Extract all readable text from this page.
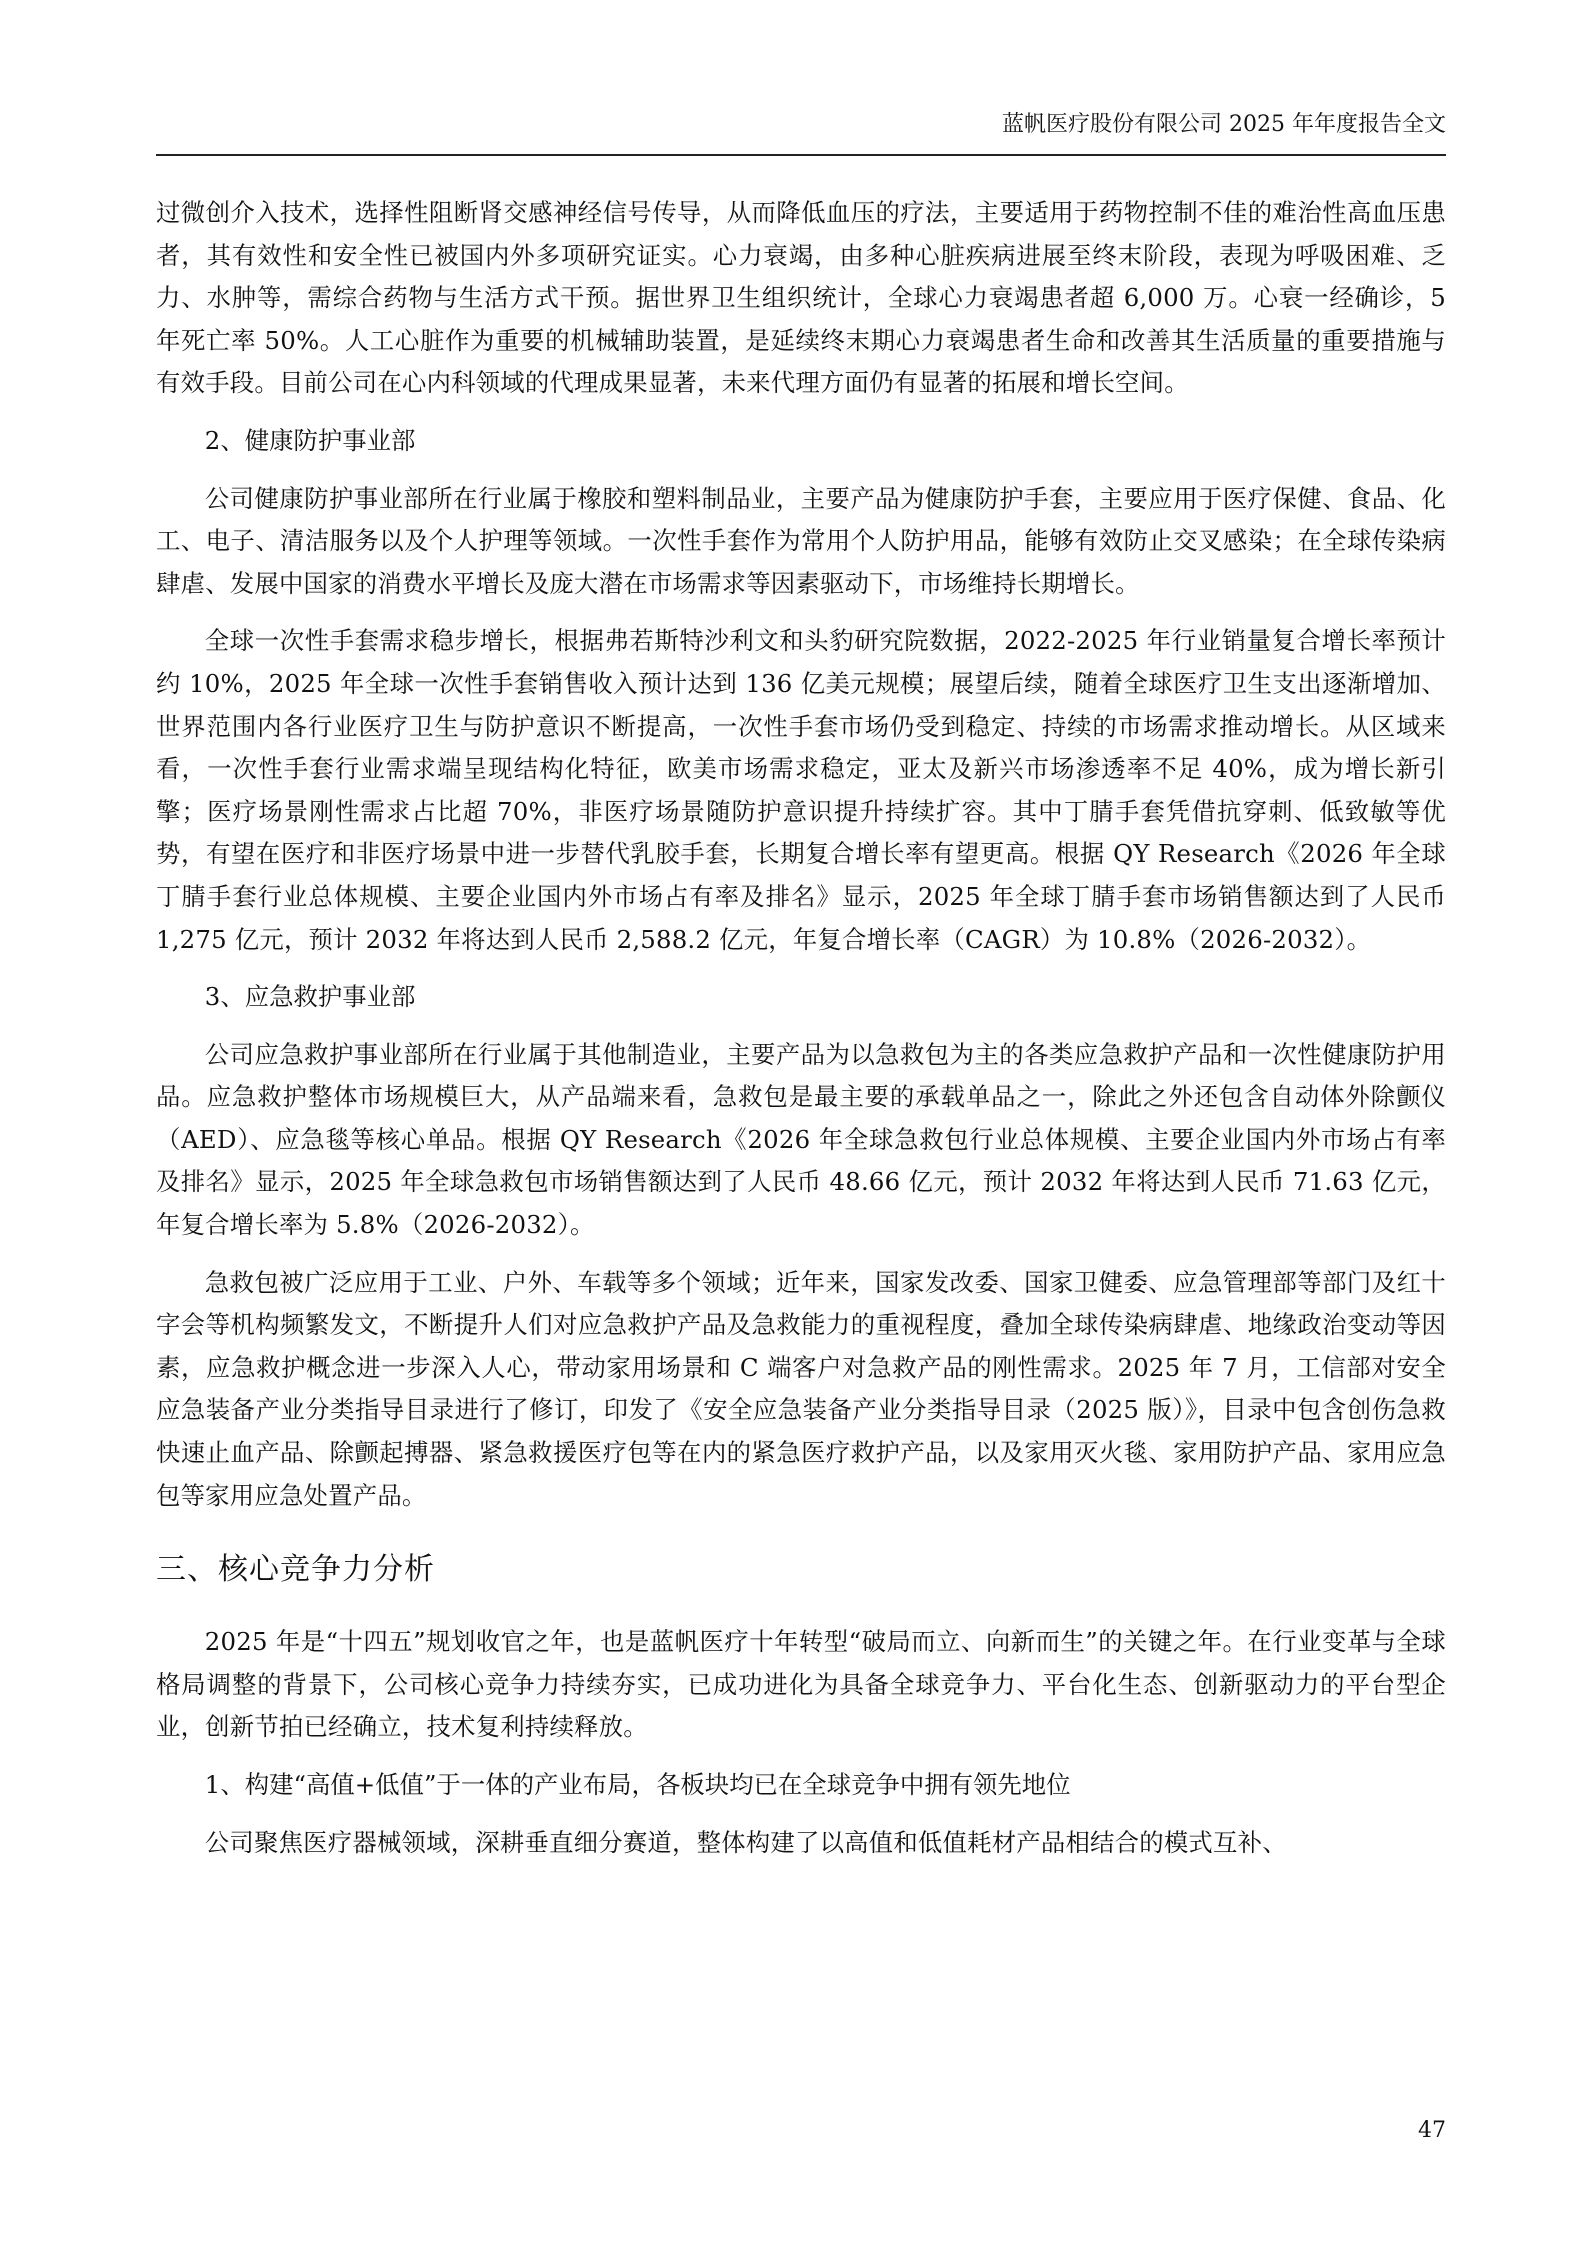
蓝帆医疗股份有限公司 2025 年年度报告全文

过微创介入技术，选择性阻断肾交感神经信号传导，从而降低血压的疗法，主要适用于药物控制不佳的难治性高血压患者，其有效性和安全性已被国内外多项研究证实。心力衰竭，由多种心脏疾病进展至终末阶段，表现为呼吸困难、乏力、水肿等，需综合药物与生活方式干预。据世界卫生组织统计，全球心力衰竭患者超 6,000 万。心衰一经确诊，5 年死亡率 50%。人工心脏作为重要的机械辅助装置，是延续终末期心力衰竭患者生命和改善其生活质量的重要措施与有效手段。目前公司在心内科领域的代理成果显著，未来代理方面仍有显著的拓展和增长空间。

2、健康防护事业部

公司健康防护事业部所在行业属于橡胶和塑料制品业，主要产品为健康防护手套，主要应用于医疗保健、食品、化工、电子、清洁服务以及个人护理等领域。一次性手套作为常用个人防护用品，能够有效防止交叉感染；在全球传染病肆虐、发展中国家的消费水平增长及庞大潜在市场需求等因素驱动下，市场维持长期增长。

全球一次性手套需求稳步增长，根据弗若斯特沙利文和头豹研究院数据，2022-2025 年行业销量复合增长率预计约 10%，2025 年全球一次性手套销售收入预计达到 136 亿美元规模；展望后续，随着全球医疗卫生支出逐渐增加、世界范围内各行业医疗卫生与防护意识不断提高，一次性手套市场仍受到稳定、持续的市场需求推动增长。从区域来看，一次性手套行业需求端呈现结构化特征，欧美市场需求稳定，亚太及新兴市场渗透率不足 40%，成为增长新引擎；医疗场景刚性需求占比超 70%，非医疗场景随防护意识提升持续扩容。其中丁腈手套凭借抗穿刺、低致敏等优势，有望在医疗和非医疗场景中进一步替代乳胶手套，长期复合增长率有望更高。根据 QY Research《2026 年全球丁腈手套行业总体规模、主要企业国内外市场占有率及排名》显示，2025 年全球丁腈手套市场销售额达到了人民币 1,275 亿元，预计 2032 年将达到人民币 2,588.2 亿元，年复合增长率（CAGR）为 10.8%（2026-2032）。

3、应急救护事业部

公司应急救护事业部所在行业属于其他制造业，主要产品为以急救包为主的各类应急救护产品和一次性健康防护用品。应急救护整体市场规模巨大，从产品端来看，急救包是最主要的承载单品之一，除此之外还包含自动体外除颤仪（AED）、应急毯等核心单品。根据 QY Research《2026 年全球急救包行业总体规模、主要企业国内外市场占有率及排名》显示，2025 年全球急救包市场销售额达到了人民币 48.66 亿元，预计 2032 年将达到人民币 71.63 亿元，年复合增长率为 5.8%（2026-2032）。

急救包被广泛应用于工业、户外、车载等多个领域；近年来，国家发改委、国家卫健委、应急管理部等部门及红十字会等机构频繁发文，不断提升人们对应急救护产品及急救能力的重视程度，叠加全球传染病肆虐、地缘政治变动等因素，应急救护概念进一步深入人心，带动家用场景和 C 端客户对急救产品的刚性需求。2025 年 7 月，工信部对安全应急装备产业分类指导目录进行了修订，印发了《安全应急装备产业分类指导目录（2025 版）》，目录中包含创伤急救快速止血产品、除颤起搏器、紧急救援医疗包等在内的紧急医疗救护产品，以及家用灭火毯、家用防护产品、家用应急包等家用应急处置产品。

三、核心竞争力分析

2025 年是“十四五”规划收官之年，也是蓝帆医疗十年转型“破局而立、向新而生”的关键之年。在行业变革与全球格局调整的背景下，公司核心竞争力持续夯实，已成功进化为具备全球竞争力、平台化生态、创新驱动力的平台型企业，创新节拍已经确立，技术复利持续释放。

1、构建“高值+低值”于一体的产业布局，各板块均已在全球竞争中拥有领先地位

公司聚焦医疗器械领域，深耕垂直细分赛道，整体构建了以高值和低值耗材产品相结合的模式互补、

47
